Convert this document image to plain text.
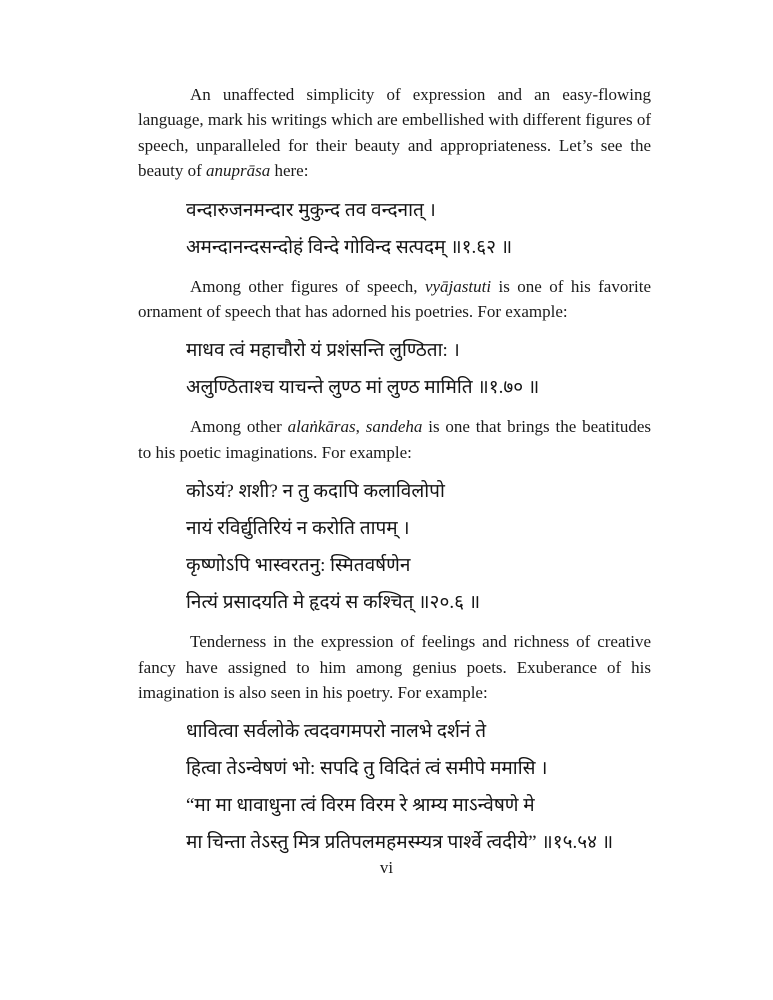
An unaffected simplicity of expression and an easy-flowing language, mark his writings which are embellished with different figures of speech, unparalleled for their beauty and appropriateness. Let’s see the beauty of anuprāsa here:

वन्दारुजनमन्दार मुकुन्द तव वन्दनात् ।
अमन्दानन्दसन्दोहं विन्दे गोविन्द सत्पदम् ॥१.६२ ॥

Among other figures of speech, vyājastuti is one of his favorite ornament of speech that has adorned his poetries. For example:

माधव त्वं महाचौरो यं प्रशंसन्ति लुण्ठिता: ।
अलुण्ठिताश्च याचन्ते लुण्ठ मां लुण्ठ मामिति ॥१.७० ॥

Among other alaṅkāras, sandeha is one that brings the beatitudes to his poetic imaginations. For example:

कोऽयं? शशी? न तु कदापि कलाविलोपो
नायं रविर्द्युतिरियं न करोति तापम् ।
कृष्णोऽपि भास्वरतनु: स्मितवर्षणेन
नित्यं प्रसादयति मे हृदयं स कश्चित् ॥२०.६ ॥

Tenderness in the expression of feelings and richness of creative fancy have assigned to him among genius poets. Exuberance of his imagination is also seen in his poetry. For example:

धावित्वा सर्वलोके त्वदवगमपरो नालभे दर्शनं ते
हित्वा तेऽन्वेषणं भो: सपदि तु विदितं त्वं समीपे ममासि ।
“मा मा धावाधुना त्वं विरम विरम रे श्राम्य माऽन्वेषणे मे
मा चिन्ता तेऽस्तु मित्र प्रतिपलमहमस्म्यत्र पार्श्वे त्वदीये” ॥१५.५४ ॥
vi
